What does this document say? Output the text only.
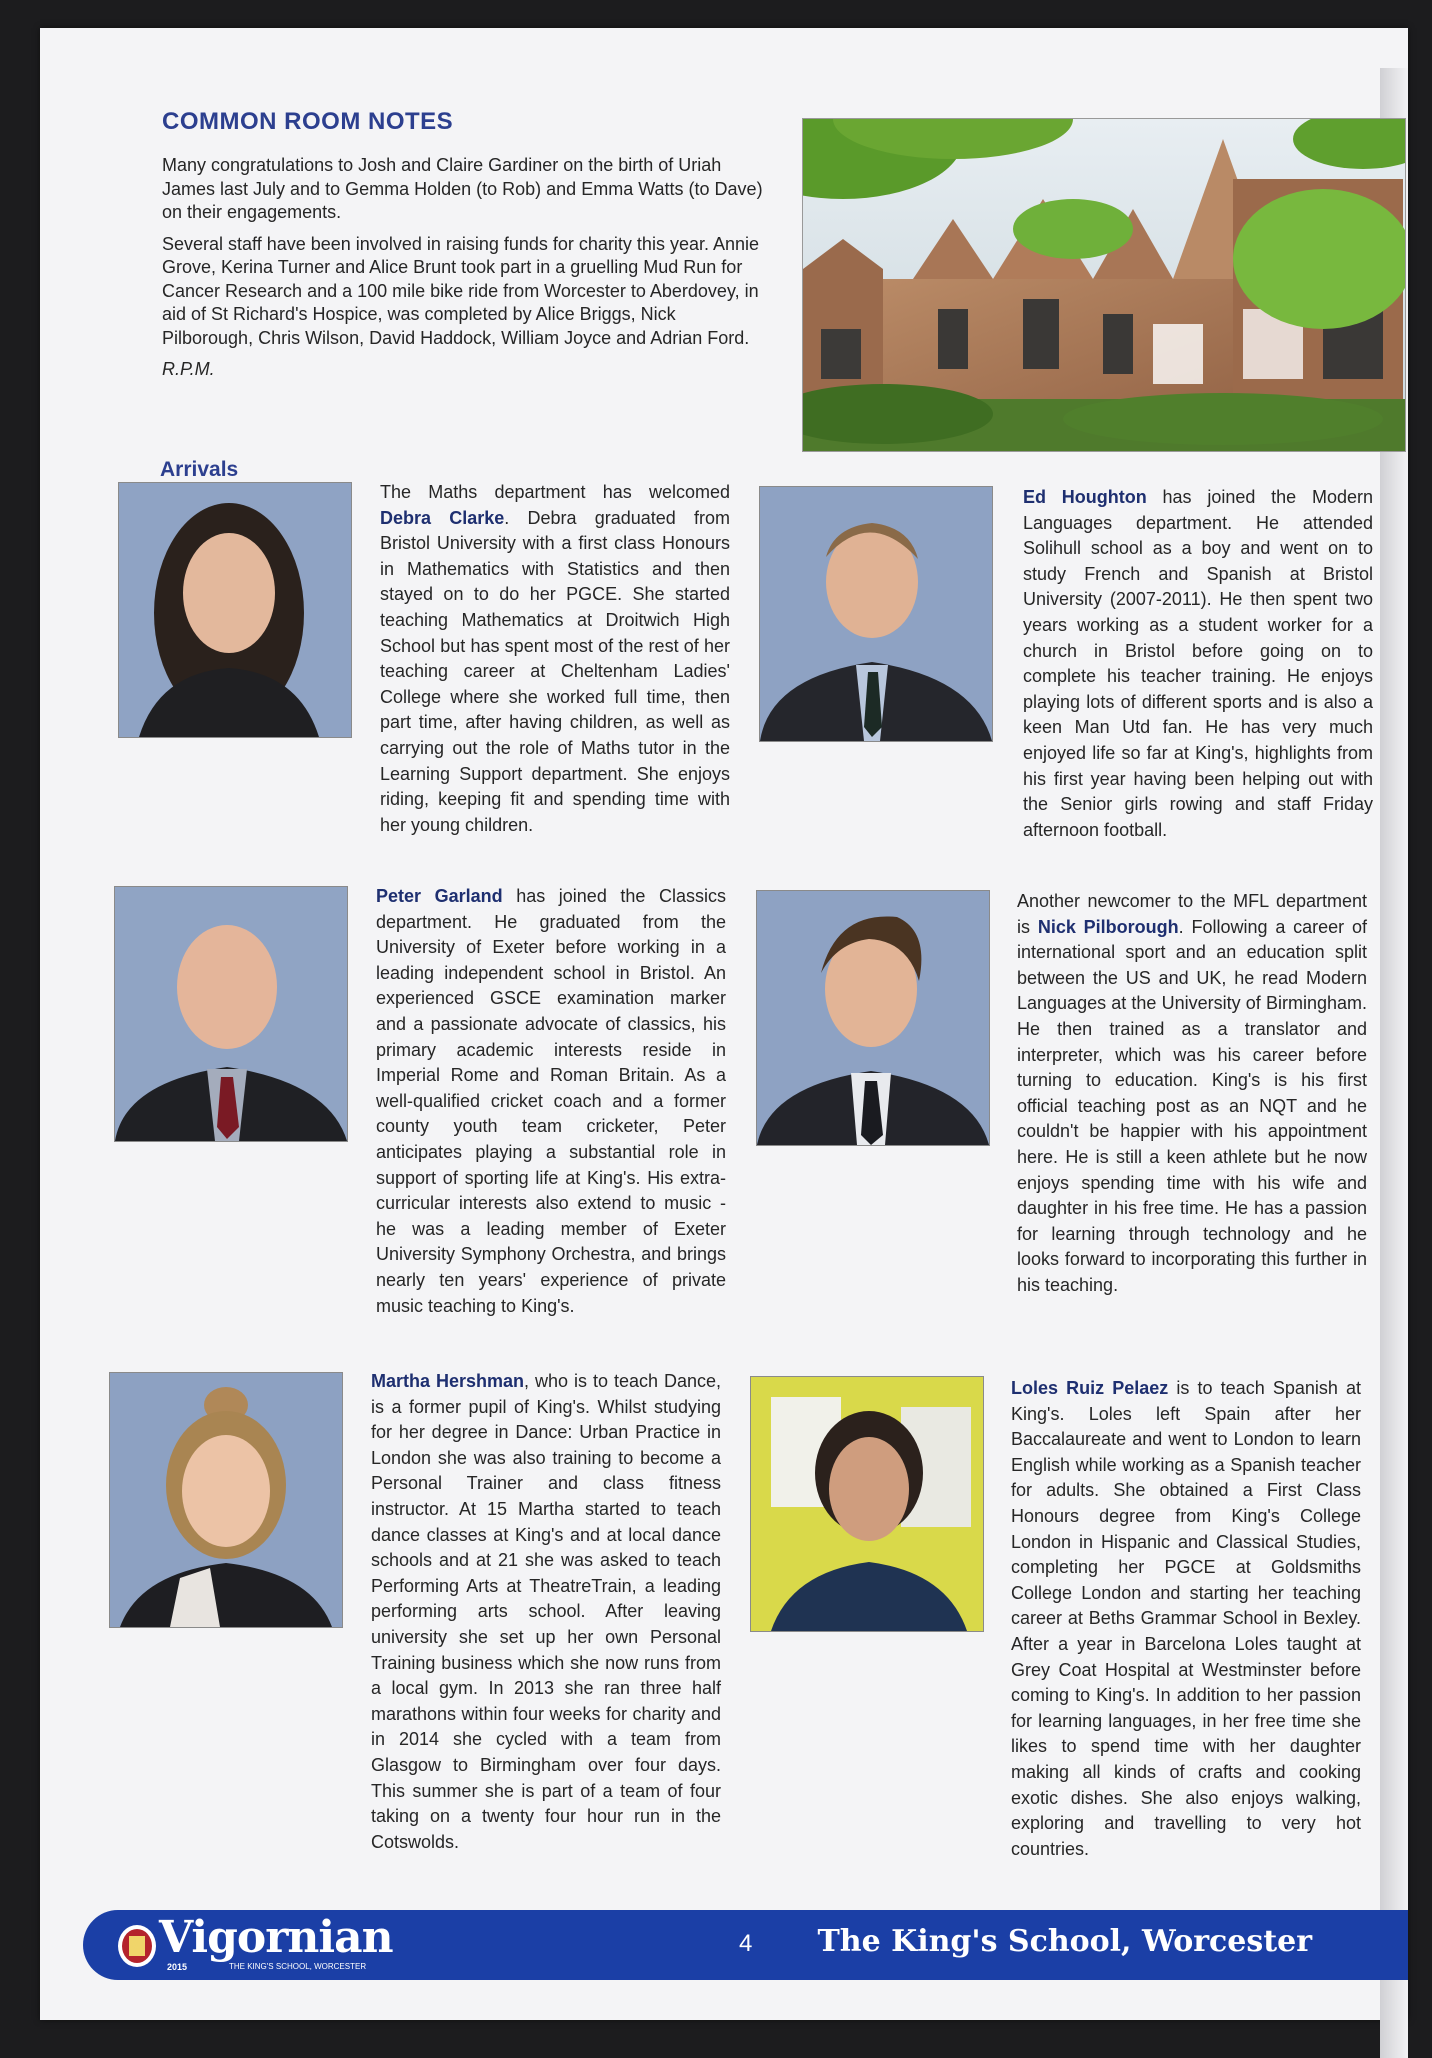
COMMON ROOM NOTES

Many congratulations to Josh and Claire Gardiner on the birth of Uriah James last July and to Gemma Holden (to Rob) and Emma Watts (to Dave) on their engagements.

Several staff have been involved in raising funds for charity this year. Annie Grove, Kerina Turner and Alice Brunt took part in a gruelling Mud Run for Cancer Research and a 100 mile bike ride from Worcester to Aberdovey, in aid of St Richard's Hospice, was completed by Alice Briggs, Nick Pilborough, Chris Wilson, David Haddock, William Joyce and Adrian Ford.

R.P.M.

Arrivals
The Maths department has welcomed Debra Clarke. Debra graduated from Bristol University with a first class Honours in Mathematics with Statistics and then stayed on to do her PGCE. She started teaching Mathematics at Droitwich High School but has spent most of the rest of her teaching career at Cheltenham Ladies' College where she worked full time, then part time, after having children, as well as carrying out the role of Maths tutor in the Learning Support department. She enjoys riding, keeping fit and spending time with her young children.
Ed Houghton has joined the Modern Languages department. He attended Solihull school as a boy and went on to study French and Spanish at Bristol University (2007-2011). He then spent two years working as a student worker for a church in Bristol before going on to complete his teacher training. He enjoys playing lots of different sports and is also a keen Man Utd fan. He has very much enjoyed life so far at King's, highlights from his first year having been helping out with the Senior girls rowing and staff Friday afternoon football.
Peter Garland has joined the Classics department. He graduated from the University of Exeter before working in a leading independent school in Bristol. An experienced GSCE examination marker and a passionate advocate of classics, his primary academic interests reside in Imperial Rome and Roman Britain. As a well-qualified cricket coach and a former county youth team cricketer, Peter anticipates playing a substantial role in support of sporting life at King's. His extra-curricular interests also extend to music - he was a leading member of Exeter University Symphony Orchestra, and brings nearly ten years' experience of private music teaching to King's.
Another newcomer to the MFL department is Nick Pilborough. Following a career of international sport and an education split between the US and UK, he read Modern Languages at the University of Birmingham. He then trained as a translator and interpreter, which was his career before turning to education. King's is his first official teaching post as an NQT and he couldn't be happier with his appointment here. He is still a keen athlete but he now enjoys spending time with his wife and daughter in his free time. He has a passion for learning through technology and he looks forward to incorporating this further in his teaching.
Martha Hershman, who is to teach Dance, is a former pupil of King's. Whilst studying for her degree in Dance: Urban Practice in London she was also training to become a Personal Trainer and class fitness instructor. At 15 Martha started to teach dance classes at King's and at local dance schools and at 21 she was asked to teach Performing Arts at TheatreTrain, a leading performing arts school. After leaving university she set up her own Personal Training business which she now runs from a local gym. In 2013 she ran three half marathons within four weeks for charity and in 2014 she cycled with a team from Glasgow to Birmingham over four days. This summer she is part of a team of four taking on a twenty four hour run in the Cotswolds.
Loles Ruiz Pelaez is to teach Spanish at King's. Loles left Spain after her Baccalaureate and went to London to learn English while working as a Spanish teacher for adults. She obtained a First Class Honours degree from King's College London in Hispanic and Classical Studies, completing her PGCE at Goldsmiths College London and starting her teaching career at Beths Grammar School in Bexley. After a year in Barcelona Loles taught at Grey Coat Hospital at Westminster before coming to King's. In addition to her passion for learning languages, in her free time she likes to spend time with her daughter making all kinds of crafts and cooking exotic dishes. She also enjoys walking, exploring and travelling to very hot countries.
Vigornian
2015	THE KING'S SCHOOL, WORCESTER
4 The King's School, Worcester
